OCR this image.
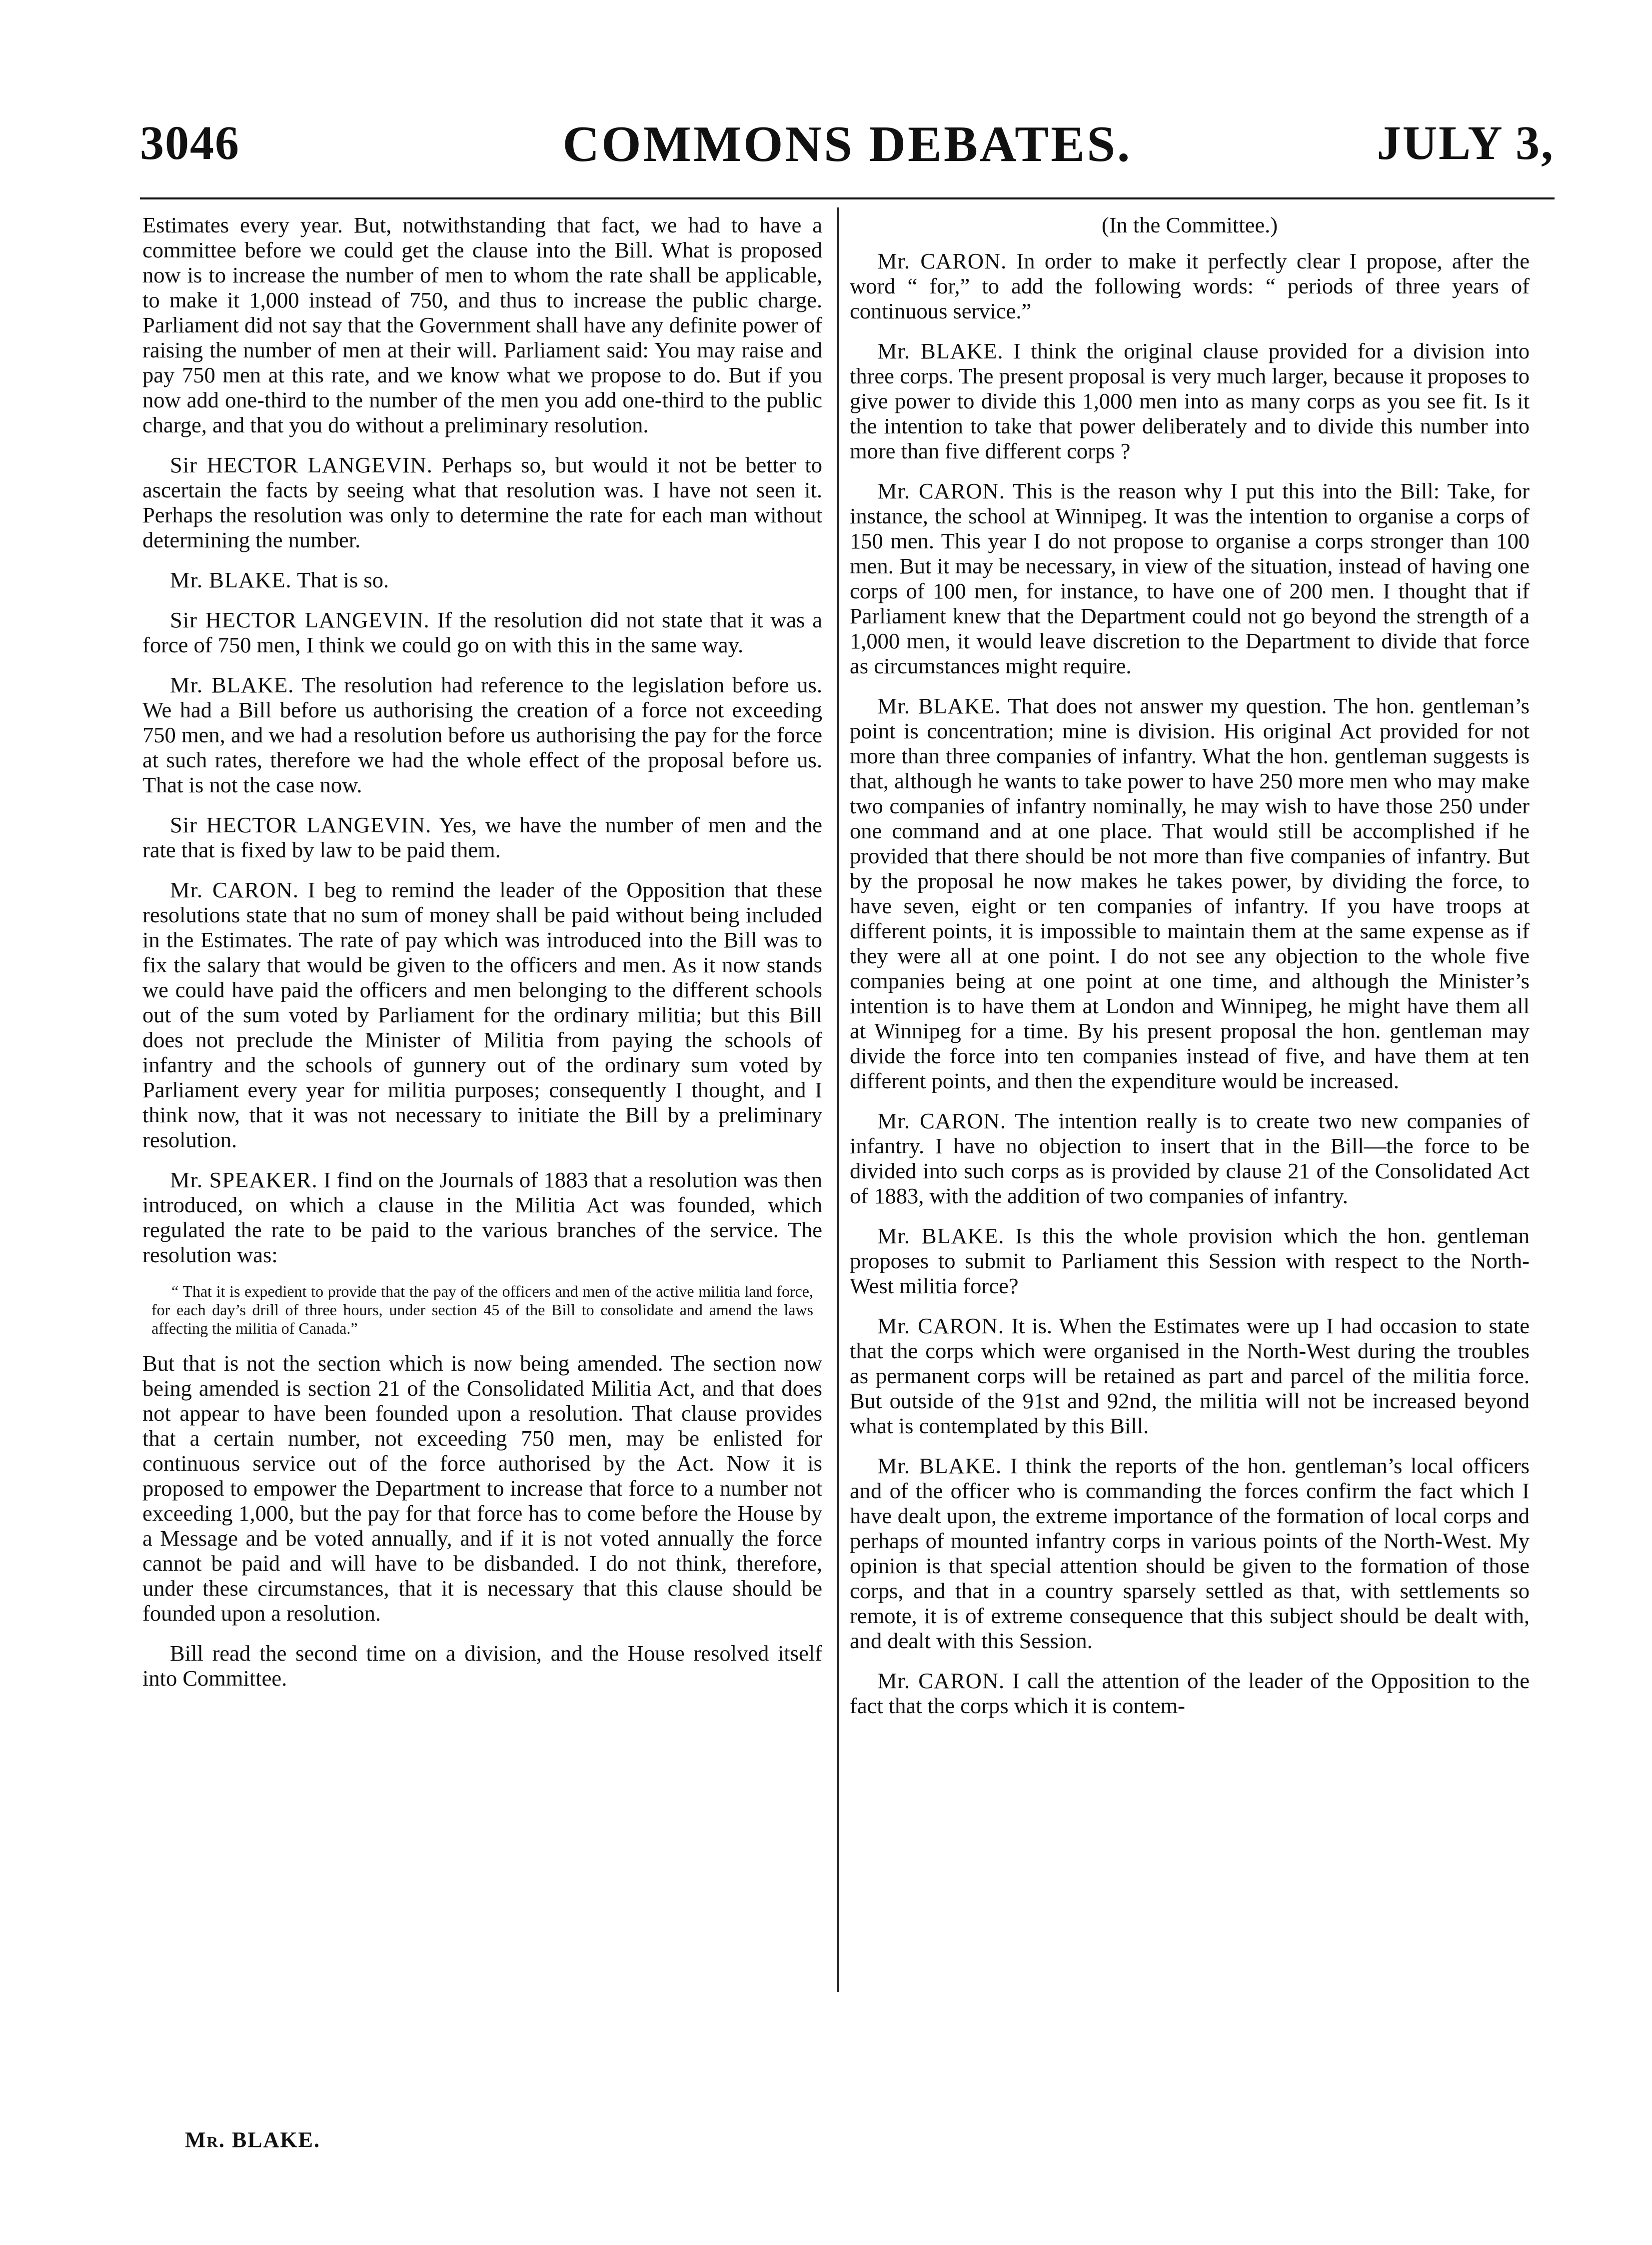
3046	COMMONS DEBATES.	JULY 3,

Estimates every year. But, notwithstanding that fact, we had to have a committee before we could get the clause into the Bill. What is proposed now is to increase the number of men to whom the rate shall be applicable, to make it 1,000 instead of 750, and thus to increase the public charge. Parliament did not say that the Government shall have any definite power of raising the number of men at their will. Parliament said: You may raise and pay 750 men at this rate, and we know what we propose to do. But if you now add one-third to the number of the men you add one-third to the public charge, and that you do without a preliminary resolution.

Sir HECTOR LANGEVIN. Perhaps so, but would it not be better to ascertain the facts by seeing what that resolution was. I have not seen it. Perhaps the resolution was only to determine the rate for each man without determining the number.

Mr. BLAKE. That is so.

Sir HECTOR LANGEVIN. If the resolution did not state that it was a force of 750 men, I think we could go on with this in the same way.

Mr. BLAKE. The resolution had reference to the legislation before us. We had a Bill before us authorising the creation of a force not exceeding 750 men, and we had a resolution before us authorising the pay for the force at such rates, therefore we had the whole effect of the proposal before us. That is not the case now.

Sir HECTOR LANGEVIN. Yes, we have the number of men and the rate that is fixed by law to be paid them.

Mr. CARON. I beg to remind the leader of the Opposition that these resolutions state that no sum of money shall be paid without being included in the Estimates. The rate of pay which was introduced into the Bill was to fix the salary that would be given to the officers and men. As it now stands we could have paid the officers and men belonging to the different schools out of the sum voted by Parliament for the ordinary militia; but this Bill does not preclude the Minister of Militia from paying the schools of infantry and the schools of gunnery out of the ordinary sum voted by Parliament every year for militia purposes; consequently I thought, and I think now, that it was not necessary to initiate the Bill by a preliminary resolution.

Mr. SPEAKER. I find on the Journals of 1883 that a resolution was then introduced, on which a clause in the Militia Act was founded, which regulated the rate to be paid to the various branches of the service. The resolution was:

“ That it is expedient to provide that the pay of the officers and men of the active militia land force, for each day’s drill of three hours, under section 45 of the Bill to consolidate and amend the laws affecting the militia of Canada.”

But that is not the section which is now being amended. The section now being amended is section 21 of the Consolidated Militia Act, and that does not appear to have been founded upon a resolution. That clause provides that a certain number, not exceeding 750 men, may be enlisted for continuous service out of the force authorised by the Act. Now it is proposed to empower the Department to increase that force to a number not exceeding 1,000, but the pay for that force has to come before the House by a Message and be voted annually, and if it is not voted annually the force cannot be paid and will have to be disbanded. I do not think, therefore, under these circumstances, that it is necessary that this clause should be founded upon a resolution.

Bill read the second time on a division, and the House resolved itself into Committee.

(In the Committee.)

Mr. CARON. In order to make it perfectly clear I propose, after the word “ for,” to add the following words: “ periods of three years of continuous service.”

Mr. BLAKE. I think the original clause provided for a division into three corps. The present proposal is very much larger, because it proposes to give power to divide this 1,000 men into as many corps as you see fit. Is it the intention to take that power deliberately and to divide this number into more than five different corps ?

Mr. CARON. This is the reason why I put this into the Bill: Take, for instance, the school at Winnipeg. It was the intention to organise a corps of 150 men. This year I do not propose to organise a corps stronger than 100 men. But it may be necessary, in view of the situation, instead of having one corps of 100 men, for instance, to have one of 200 men. I thought that if Parliament knew that the Department could not go beyond the strength of a 1,000 men, it would leave discretion to the Department to divide that force as circumstances might require.

Mr. BLAKE. That does not answer my question. The hon. gentleman’s point is concentration; mine is division. His original Act provided for not more than three companies of infantry. What the hon. gentleman suggests is that, although he wants to take power to have 250 more men who may make two companies of infantry nominally, he may wish to have those 250 under one command and at one place. That would still be accomplished if he provided that there should be not more than five companies of infantry. But by the proposal he now makes he takes power, by dividing the force, to have seven, eight or ten companies of infantry. If you have troops at different points, it is impossible to maintain them at the same expense as if they were all at one point. I do not see any objection to the whole five companies being at one point at one time, and although the Minister’s intention is to have them at London and Winnipeg, he might have them all at Winnipeg for a time. By his present proposal the hon. gentleman may divide the force into ten companies instead of five, and have them at ten different points, and then the expenditure would be increased.

Mr. CARON. The intention really is to create two new companies of infantry. I have no objection to insert that in the Bill—the force to be divided into such corps as is provided by clause 21 of the Consolidated Act of 1883, with the addition of two companies of infantry.

Mr. BLAKE. Is this the whole provision which the hon. gentleman proposes to submit to Parliament this Session with respect to the North-West militia force?

Mr. CARON. It is. When the Estimates were up I had occasion to state that the corps which were organised in the North-West during the troubles as permanent corps will be retained as part and parcel of the militia force. But outside of the 91st and 92nd, the militia will not be increased beyond what is contemplated by this Bill.

Mr. BLAKE. I think the reports of the hon. gentleman’s local officers and of the officer who is commanding the forces confirm the fact which I have dealt upon, the extreme importance of the formation of local corps and perhaps of mounted infantry corps in various points of the North-West. My opinion is that special attention should be given to the formation of those corps, and that in a country sparsely settled as that, with settlements so remote, it is of extreme consequence that this subject should be dealt with, and dealt with this Session.

Mr. CARON. I call the attention of the leader of the Opposition to the fact that the corps which it is contem-

Mr. BLAKE.
